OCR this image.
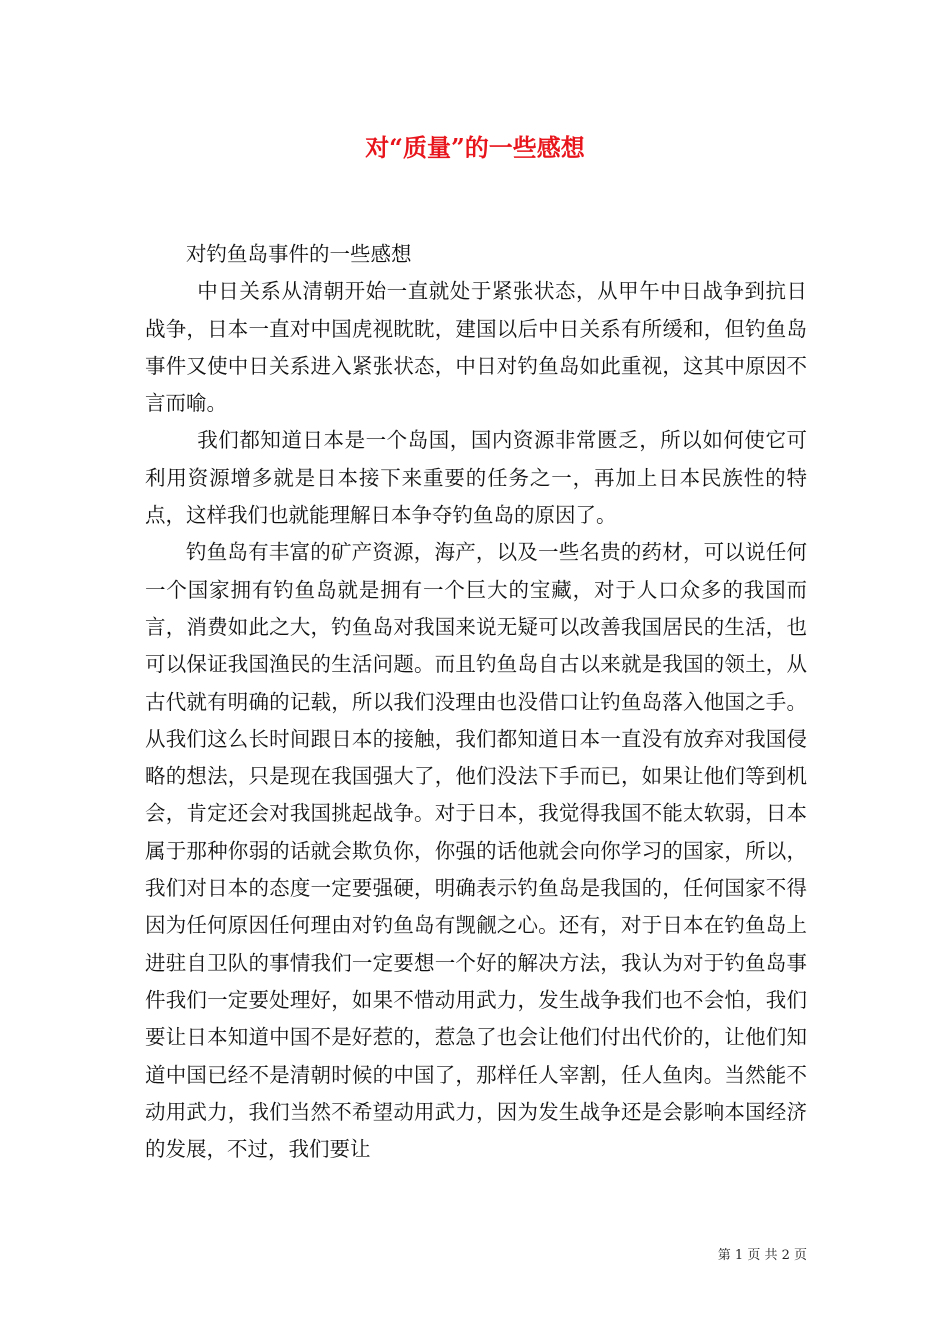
对“质量”的一些感想

对钓鱼岛事件的一些感想

中日关系从清朝开始一直就处于紧张状态，从甲午中日战争到抗日战争，日本一直对中国虎视眈眈，建国以后中日关系有所缓和，但钓鱼岛事件又使中日关系进入紧张状态，中日对钓鱼岛如此重视，这其中原因不言而喻。

我们都知道日本是一个岛国，国内资源非常匮乏，所以如何使它可利用资源增多就是日本接下来重要的任务之一，再加上日本民族性的特点，这样我们也就能理解日本争夺钓鱼岛的原因了。

钓鱼岛有丰富的矿产资源，海产，以及一些名贵的药材，可以说任何一个国家拥有钓鱼岛就是拥有一个巨大的宝藏，对于人口众多的我国而言，消费如此之大，钓鱼岛对我国来说无疑可以改善我国居民的生活，也可以保证我国渔民的生活问题。而且钓鱼岛自古以来就是我国的领土，从古代就有明确的记载，所以我们没理由也没借口让钓鱼岛落入他国之手。从我们这么长时间跟日本的接触，我们都知道日本一直没有放弃对我国侵略的想法，只是现在我国强大了，他们没法下手而已，如果让他们等到机会，肯定还会对我国挑起战争。对于日本，我觉得我国不能太软弱，日本属于那种你弱的话就会欺负你，你强的话他就会向你学习的国家，所以，我们对日本的态度一定要强硬，明确表示钓鱼岛是我国的，任何国家不得因为任何原因任何理由对钓鱼岛有觊觎之心。还有，对于日本在钓鱼岛上进驻自卫队的事情我们一定要想一个好的解决方法，我认为对于钓鱼岛事件我们一定要处理好，如果不惜动用武力，发生战争我们也不会怕，我们要让日本知道中国不是好惹的，惹急了也会让他们付出代价的，让他们知道中国已经不是清朝时候的中国了，那样任人宰割，任人鱼肉。当然能不动用武力，我们当然不希望动用武力，因为发生战争还是会影响本国经济的发展，不过，我们要让

第 1 页 共 2 页
